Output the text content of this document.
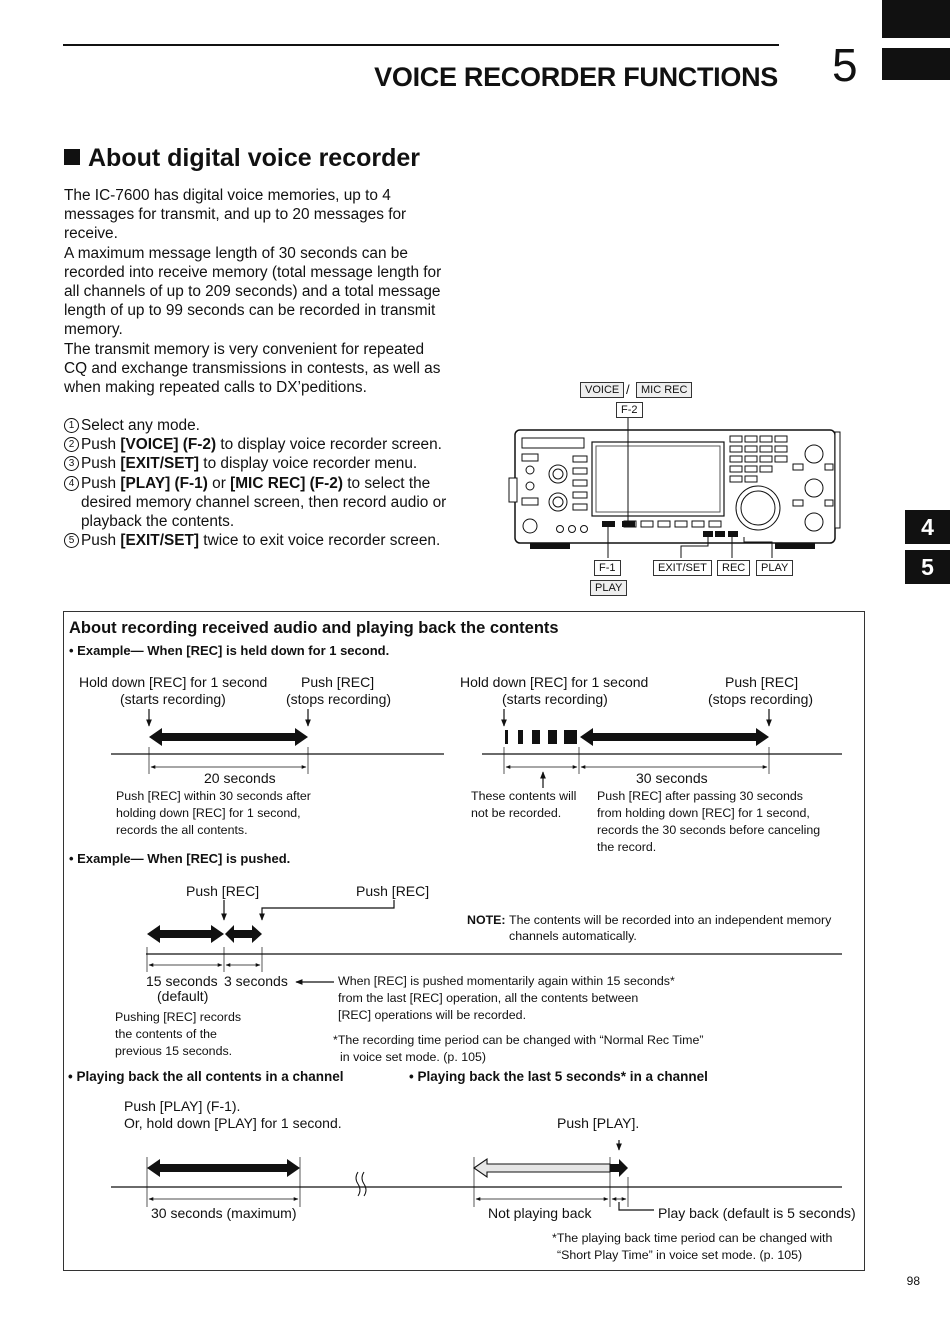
VOICE RECORDER FUNCTIONS 5
4
5
About digital voice recorder

The IC-7600 has digital voice memories, up to 4 messages for transmit, and up to 20 messages for receive.

A maximum message length of 30 seconds can be recorded into receive memory (total message length for all channels of up to 209 seconds) and a total message length of up to 99 seconds can be recorded in transmit memory.

The transmit memory is very convenient for repeated CQ and exchange transmissions in contests, as well as when making repeated calls to DX’peditions.

1 Select any mode.
2 Push [VOICE] (F-2) to display voice recorder screen.
3 Push [EXIT/SET] to display voice recorder menu.
4 Push [PLAY] (F-1) or [MIC REC] (F-2) to select the desired memory channel screen, then record audio or playback the contents.
5 Push [EXIT/SET] twice to exit voice recorder screen.
VOICE /	MIC REC
F-2
F-1
PLAY
EXIT/SET	REC	PLAY
About recording received audio and playing back the contents
• Example— When [REC] is held down for 1 second.
Hold down [REC] for 1 second
(starts recording)
Push [REC]
(stops recording)
20 seconds
Push [REC] within 30 seconds after
holding down [REC] for 1 second,
records the all contents.
Hold down [REC] for 1 second
(starts recording)
Push [REC]
(stops recording)
30 seconds
These contents will
not be recorded.
Push [REC] after passing 30 seconds
from holding down [REC] for 1 second,
records the 30 seconds before canceling
the record.
• Example— When [REC] is pushed.
Push [REC]	Push [REC]
NOTE: The contents will be recorded into an independent memory
channels automatically.
15 seconds
(default)
3 seconds	When [REC] is pushed momentarily again within 15 seconds*
from the last [REC] operation, all the contents between
[REC] operations will be recorded.
Pushing [REC] records
the contents of the
previous 15 seconds.
*The recording time period can be changed with “Normal Rec Time”
in voice set mode. (p. 105)
• Playing back the all contents in a channel	• Playing back the last 5 seconds* in a channel
Push [PLAY] (F-1).
Or, hold down [PLAY] for 1 second.	Push [PLAY].
30 seconds (maximum)	Not playing back	Play back (default is 5 seconds)
*The playing back time period can be changed with
“Short Play Time” in voice set mode. (p. 105)
98
